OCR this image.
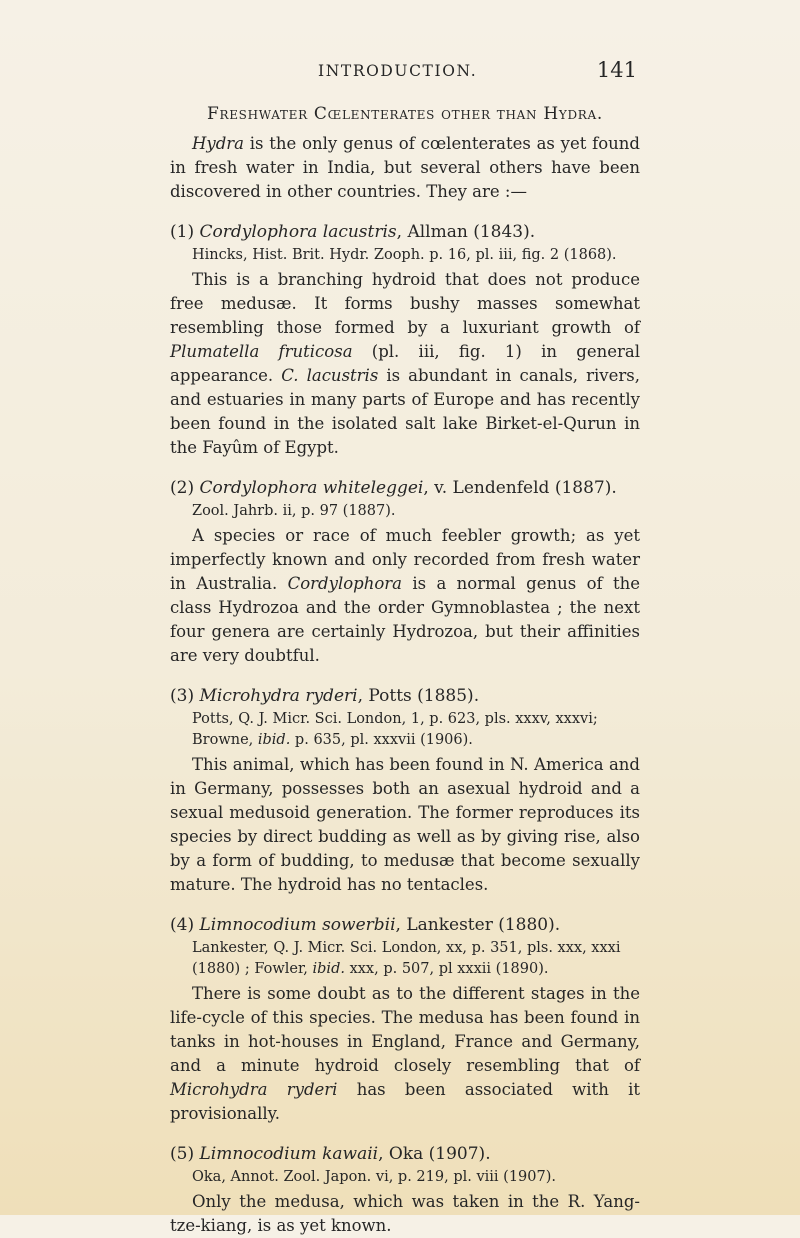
INTRODUCTION.	141
Freshwater Cœlenterates other than Hydra.

Hydra is the only genus of cœlenterates as yet found in fresh water in India, but several others have been discovered in other countries. They are :—

(1) Cordylophora lacustris, Allman (1843).
Hincks, Hist. Brit. Hydr. Zooph. p. 16, pl. iii, fig. 2 (1868).

This is a branching hydroid that does not produce free medusæ. It forms bushy masses somewhat resembling those formed by a luxuriant growth of Plumatella fruticosa (pl. iii, fig. 1) in general appearance. C. lacustris is abundant in canals, rivers, and estuaries in many parts of Europe and has recently been found in the isolated salt lake Birket-el-Qurun in the Fayûm of Egypt.

(2) Cordylophora whiteleggei, v. Lendenfeld (1887).
Zool. Jahrb. ii, p. 97 (1887).

A species or race of much feebler growth; as yet imperfectly known and only recorded from fresh water in Australia. Cordylophora is a normal genus of the class Hydrozoa and the order Gymnoblastea ; the next four genera are certainly Hydrozoa, but their affinities are very doubtful.

(3) Microhydra ryderi, Potts (1885).
Potts, Q. J. Micr. Sci. London, 1, p. 623, pls. xxxv, xxxvi; Browne, ibid. p. 635, pl. xxxvii (1906).

This animal, which has been found in N. America and in Germany, possesses both an asexual hydroid and a sexual medusoid generation. The former reproduces its species by direct budding as well as by giving rise, also by a form of budding, to medusæ that become sexually mature. The hydroid has no tentacles.

(4) Limnocodium sowerbii, Lankester (1880).
Lankester, Q. J. Micr. Sci. London, xx, p. 351, pls. xxx, xxxi (1880) ; Fowler, ibid. xxx, p. 507, pl xxxii (1890).

There is some doubt as to the different stages in the life-cycle of this species. The medusa has been found in tanks in hot-houses in England, France and Germany, and a minute hydroid closely resembling that of Microhydra ryderi has been associated with it provisionally.

(5) Limnocodium kawaii, Oka (1907).
Oka, Annot. Zool. Japon. vi, p. 219, pl. viii (1907).

Only the medusa, which was taken in the R. Yang-tze-kiang, is as yet known.
